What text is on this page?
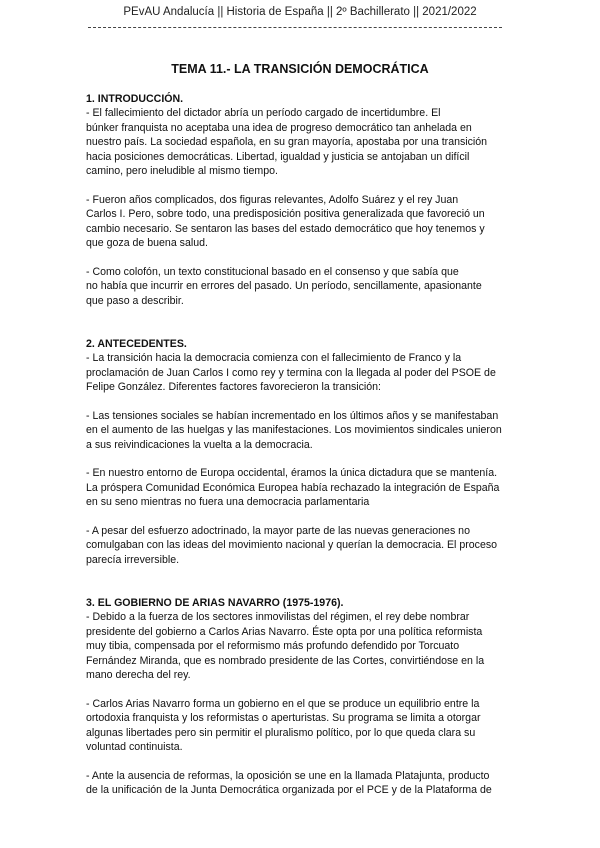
PEvAU Andalucía || Historia de España || 2º Bachillerato || 2021/2022
TEMA 11.- LA TRANSICIÓN DEMOCRÁTICA
1. INTRODUCCIÓN.

- El fallecimiento del dictador abría un período cargado de incertidumbre. El
búnker franquista no aceptaba una idea de progreso democrático tan anhelada en
nuestro país. La sociedad española, en su gran mayoría, apostaba por una transición
hacia posiciones democráticas. Libertad, igualdad y justicia se antojaban un difícil
camino, pero ineludible al mismo tiempo.

- Fueron años complicados, dos figuras relevantes, Adolfo Suárez y el rey Juan
Carlos I. Pero, sobre todo, una predisposición positiva generalizada que favoreció un
cambio necesario. Se sentaron las bases del estado democrático que hoy tenemos y
que goza de buena salud.

- Como colofón, un texto constitucional basado en el consenso y que sabía que
no había que incurrir en errores del pasado. Un período, sencillamente, apasionante
que paso a describir.

2. ANTECEDENTES.

- La transición hacia la democracia comienza con el fallecimiento de Franco y la
proclamación de Juan Carlos I como rey y termina con la llegada al poder del PSOE de
Felipe González. Diferentes factores favorecieron la transición:

- Las tensiones sociales se habían incrementado en los últimos años y se manifestaban
en el aumento de las huelgas y las manifestaciones. Los movimientos sindicales unieron
a sus reivindicaciones la vuelta a la democracia.

- En nuestro entorno de Europa occidental, éramos la única dictadura que se mantenía.
La próspera Comunidad Económica Europea había rechazado la integración de España
en su seno mientras no fuera una democracia parlamentaria

- A pesar del esfuerzo adoctrinado, la mayor parte de las nuevas generaciones no
comulgaban con las ideas del movimiento nacional y querían la democracia. El proceso
parecía irreversible.

3. EL GOBIERNO DE ARIAS NAVARRO (1975-1976).

- Debido a la fuerza de los sectores inmovilistas del régimen, el rey debe nombrar
presidente del gobierno a Carlos Arias Navarro. Éste opta por una política reformista
muy tibia, compensada por el reformismo más profundo defendido por Torcuato
Fernández Miranda, que es nombrado presidente de las Cortes, convirtiéndose en la
mano derecha del rey.

- Carlos Arias Navarro forma un gobierno en el que se produce un equilibrio entre la
ortodoxia franquista y los reformistas o aperturistas. Su programa se limita a otorgar
algunas libertades pero sin permitir el pluralismo político, por lo que queda clara su
voluntad continuista.

- Ante la ausencia de reformas, la oposición se une en la llamada Platajunta, producto
de la unificación de la Junta Democrática organizada por el PCE y de la Plataforma de
